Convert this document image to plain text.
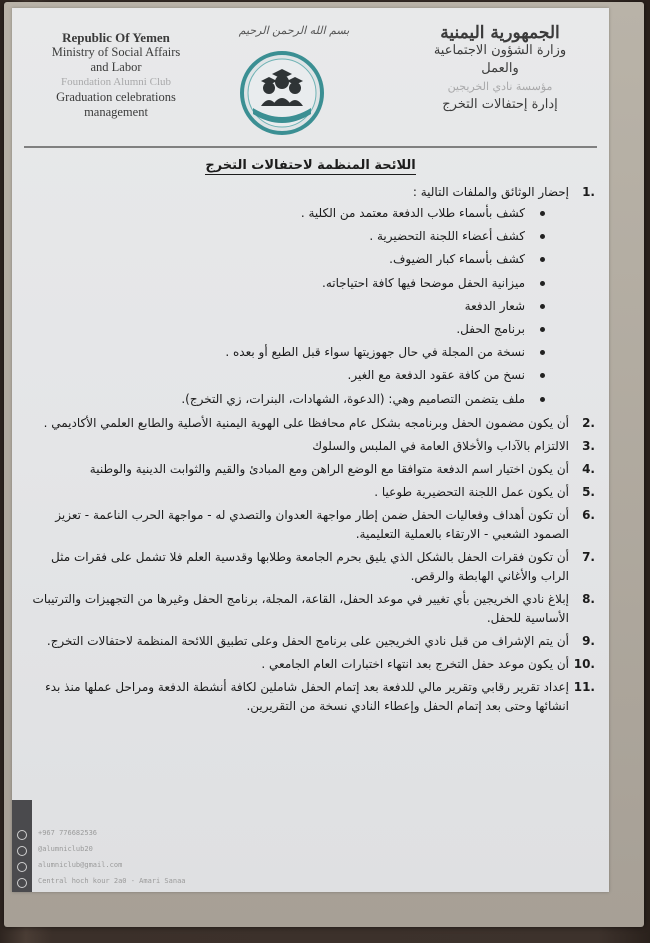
Republic Of Yemen
Ministry of Social Affairs
and Labor
Foundation Alumni Club
Graduation celebrations
management
بسم الله الرحمن الرحيم	الجمهورية اليمنية
وزارة الشؤون الاجتماعية
والعمل
مؤسسة نادي الخريجين
إدارة إحتفالات التخرج
اللائحة المنظمة لاحتفالات التخرج
1.
إحضار الوثائق والملفات التالية :
كشف بأسماء طلاب الدفعة معتمد من الكلية .
كشف أعضاء اللجنة التحضيرية .
كشف بأسماء كبار الضيوف.
ميزانية الحفل موضحا فيها كافة احتياجاته.
شعار الدفعة
برنامج الحفل.
نسخة من المجلة في حال جهوزيتها سواء قبل الطبع أو بعده .
نسخ من كافة عقود الدفعة مع الغير.
ملف يتضمن التصاميم وهي: (الدعوة، الشهادات، البنرات، زي التخرج).
2.
أن يكون مضمون الحفل وبرنامجه بشكل عام محافظا على الهوية اليمنية الأصلية والطابع العلمي الأكاديمي .
3.
الالتزام بالآداب والأخلاق العامة في الملبس والسلوك
4.
أن يكون اختيار اسم الدفعة متوافقا مع الوضع الراهن ومع المبادئ والقيم والثوابت الدينية والوطنية
5.
أن يكون عمل اللجنة التحضيرية طوعيا .
6.
أن تكون أهداف وفعاليات الحفل ضمن إطار مواجهة العدوان والتصدي له - مواجهة الحرب الناعمة - تعزيز الصمود الشعبي - الارتقاء بالعملية التعليمية.
7.
أن تكون فقرات الحفل بالشكل الذي يليق بحرم الجامعة وطلابها وقدسية العلم فلا تشمل على فقرات مثل الراب والأغاني الهابطة والرقص.
8.
إبلاغ نادي الخريجين بأي تغيير في موعد الحفل، القاعة، المجلة، برنامج الحفل وغيرها من التجهيزات والترتيبات الأساسية للحفل.
9.
أن يتم الإشراف من قبل نادي الخريجين على برنامج الحفل وعلى تطبيق اللائحة المنظمة لاحتفالات التخرج.
10.
أن يكون موعد حفل التخرج بعد انتهاء اختبارات العام الجامعي .
11.
إعداد تقرير رقابي وتقرير مالي للدفعة بعد إتمام الحفل شاملين لكافة أنشطة الدفعة ومراحل عملها منذ بدء انشائها وحتى بعد إتمام الحفل وإعطاء النادي نسخة من التقريرين.
+967 776682536
@alumniclub20
alumniclub@gmail.com
Central hoch kour 2a0 - Amari Sanaa
